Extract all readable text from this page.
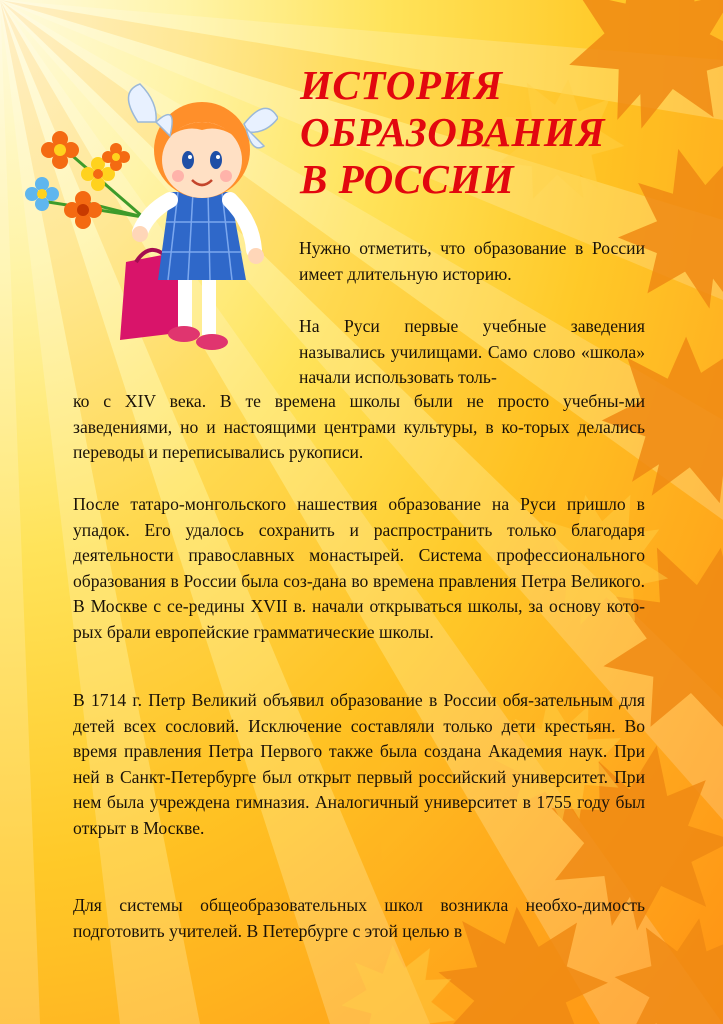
ИСТОРИЯ
ОБРАЗОВАНИЯ
В РОССИИ

Нужно отметить, что образование в России имеет длительную историю.

На Руси первые учебные заведения назывались училищами. Само слово «школа» начали использовать толь-

ко с XIV века. В те времена школы были не просто учебны-ми заведениями, но и настоящими центрами культуры, в ко-торых делались переводы и переписывались рукописи.

После татаро-монгольского нашествия образование на Руси пришло в упадок. Его удалось сохранить и распространить только благодаря деятельности православных монастырей. Система профессионального образования в России была соз-дана во времена правления Петра Великого. В Москве с се-редины XVII в. начали открываться школы, за основу кото-рых брали европейские грамматические школы.

В 1714 г. Петр Великий объявил образование в России обя-зательным для детей всех сословий. Исключение составляли только дети крестьян. Во время правления Петра Первого также была создана Академия наук. При ней в Санкт-Петербурге был открыт первый российский университет. При нем была учреждена гимназия. Аналогичный университет в 1755 году был открыт в Москве.

Для системы общеобразовательных школ возникла необхо-димость подготовить учителей. В Петербурге с этой целью в
